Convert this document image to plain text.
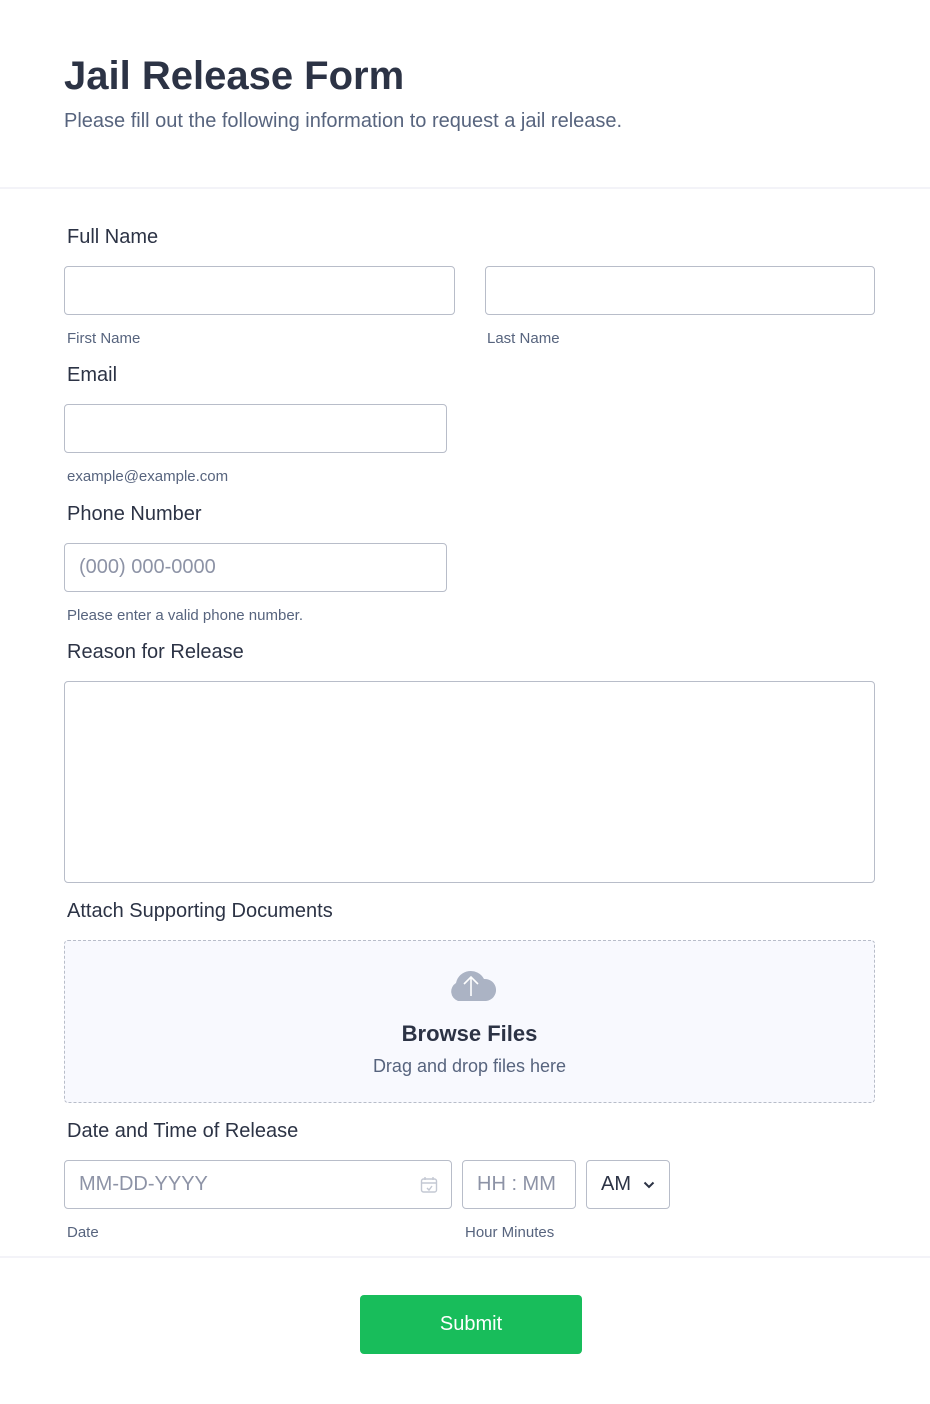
Jail Release Form
Please fill out the following information to request a jail release.
Full Name
First Name	Last Name
Email
example@example.com
Phone Number
(000) 000-0000
Please enter a valid phone number.
Reason for Release
Attach Supporting Documents
Browse Files
Drag and drop files here
Date and Time of Release
MM-DD-YYYY	HH : MM	AM
Date	Hour Minutes
Submit
